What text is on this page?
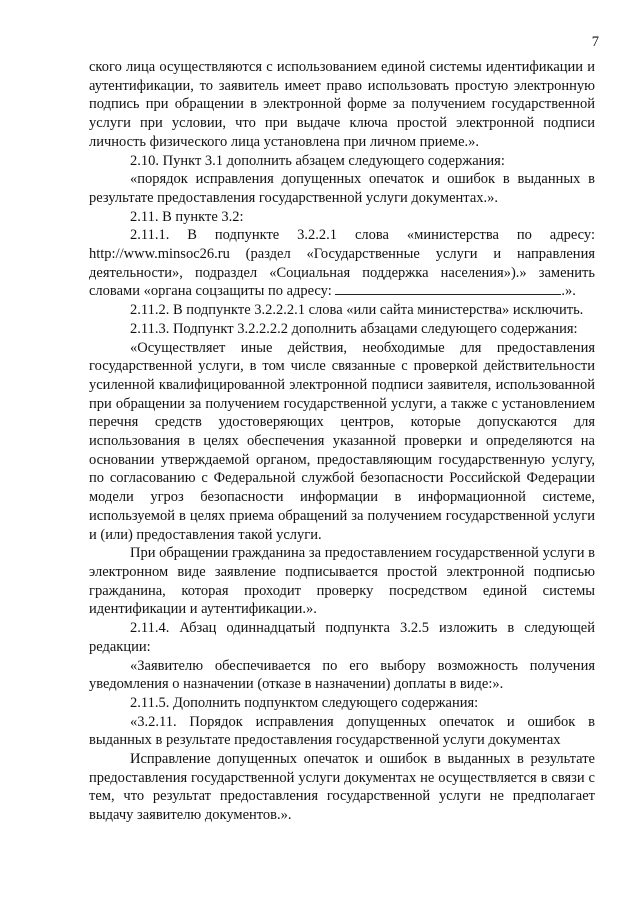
7

ского лица осуществляются с использованием единой системы идентификации и аутентификации, то заявитель имеет право использовать простую электронную подпись при обращении в электронной форме за получением государственной услуги при условии, что при выдаче ключа простой электронной подписи личность физического лица установлена при личном приеме.».

2.10. Пункт 3.1 дополнить абзацем следующего содержания:

«порядок исправления допущенных опечаток и ошибок в выданных в результате предоставления государственной услуги документах.».

2.11. В пункте 3.2:

2.11.1. В подпункте 3.2.2.1 слова «министерства по адресу: http://www.minsoc26.ru (раздел «Государственные услуги и направления деятельности», подраздел «Социальная поддержка населения»).» заменить словами «органа соцзащиты по адресу:	.».

2.11.2. В подпункте 3.2.2.2.1 слова «или сайта министерства» исключить.

2.11.3. Подпункт 3.2.2.2.2 дополнить абзацами следующего содержания:

«Осуществляет иные действия, необходимые для предоставления государственной услуги, в том числе связанные с проверкой действительности усиленной квалифицированной электронной подписи заявителя, использованной при обращении за получением государственной услуги, а также с установлением перечня средств удостоверяющих центров, которые допускаются для использования в целях обеспечения указанной проверки и определяются на основании утверждаемой органом, предоставляющим государственную услугу, по согласованию с Федеральной службой безопасности Российской Федерации модели угроз безопасности информации в информационной системе, используемой в целях приема обращений за получением государственной услуги и (или) предоставления такой услуги.

При обращении гражданина за предоставлением государственной услуги в электронном виде заявление подписывается простой электронной подписью гражданина, которая проходит проверку посредством единой системы идентификации и аутентификации.».

2.11.4. Абзац одиннадцатый подпункта 3.2.5 изложить в следующей редакции:

«Заявителю обеспечивается по его выбору возможность получения уведомления о назначении (отказе в назначении) доплаты в виде:».

2.11.5. Дополнить подпунктом следующего содержания:

«3.2.11. Порядок исправления допущенных опечаток и ошибок в выданных в результате предоставления государственной услуги документах

Исправление допущенных опечаток и ошибок в выданных в результате предоставления государственной услуги документах не осуществляется в связи с тем, что результат предоставления государственной услуги не предполагает выдачу заявителю документов.».
